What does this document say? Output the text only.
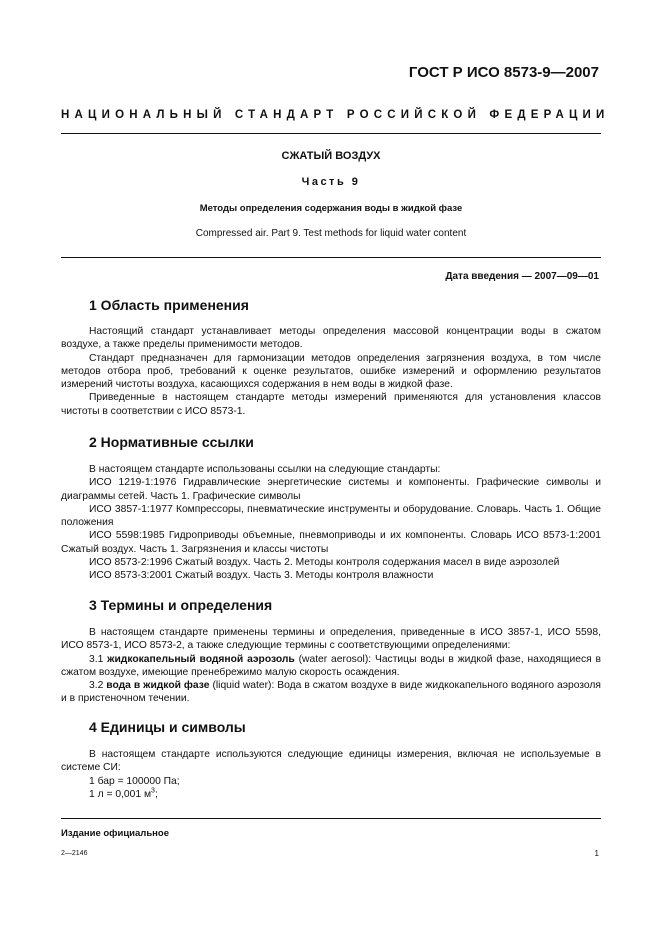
ГОСТ Р ИСО 8573-9—2007
НАЦИОНАЛЬНЫЙ СТАНДАРТ РОССИЙСКОЙ ФЕДЕРАЦИИ
СЖАТЫЙ ВОЗДУХ
Часть 9
Методы определения содержания воды в жидкой фазе
Compressed air. Part 9. Test methods for liquid water content
Дата введения — 2007—09—01
1 Область применения

Настоящий стандарт устанавливает методы определения массовой концентрации воды в сжатом воздухе, а также пределы применимости методов.

Стандарт предназначен для гармонизации методов определения загрязнения воздуха, в том числе методов отбора проб, требований к оценке результатов, ошибке измерений и оформлению результатов измерений чистоты воздуха, касающихся содержания в нем воды в жидкой фазе.

Приведенные в настоящем стандарте методы измерений применяются для установления классов чистоты в соответствии с ИСО 8573-1.

2 Нормативные ссылки

В настоящем стандарте использованы ссылки на следующие стандарты:

ИСО 1219-1:1976 Гидравлические энергетические системы и компоненты. Графические символы и диаграммы сетей. Часть 1. Графические символы

ИСО 3857-1:1977 Компрессоры, пневматические инструменты и оборудование. Словарь. Часть 1. Общие положения

ИСО 5598:1985 Гидроприводы объемные, пневмоприводы и их компоненты. Словарь ИСО 8573-1:2001 Сжатый воздух. Часть 1. Загрязнения и классы чистоты

ИСО 8573-2:1996 Сжатый воздух. Часть 2. Методы контроля содержания масел в виде аэрозолей

ИСО 8573-3:2001 Сжатый воздух. Часть 3. Методы контроля влажности

3 Термины и определения

В настоящем стандарте применены термины и определения, приведенные в ИСО 3857-1, ИСО 5598, ИСО 8573-1, ИСО 8573-2, а также следующие термины с соответствующими определениями:

3.1 жидкокапельный водяной аэрозоль (water aerosol): Частицы воды в жидкой фазе, находящиеся в сжатом воздухе, имеющие пренебрежимо малую скорость осаждения.

3.2 вода в жидкой фазе (liquid water): Вода в сжатом воздухе в виде жидкокапельного водяного аэрозоля и в пристеночном течении.

4 Единицы и символы

В настоящем стандарте используются следующие единицы измерения, включая не используемые в системе СИ:

1 бар = 100000 Па;

1 л = 0,001 $м^3$;

Издание официальное
2—2146	1
